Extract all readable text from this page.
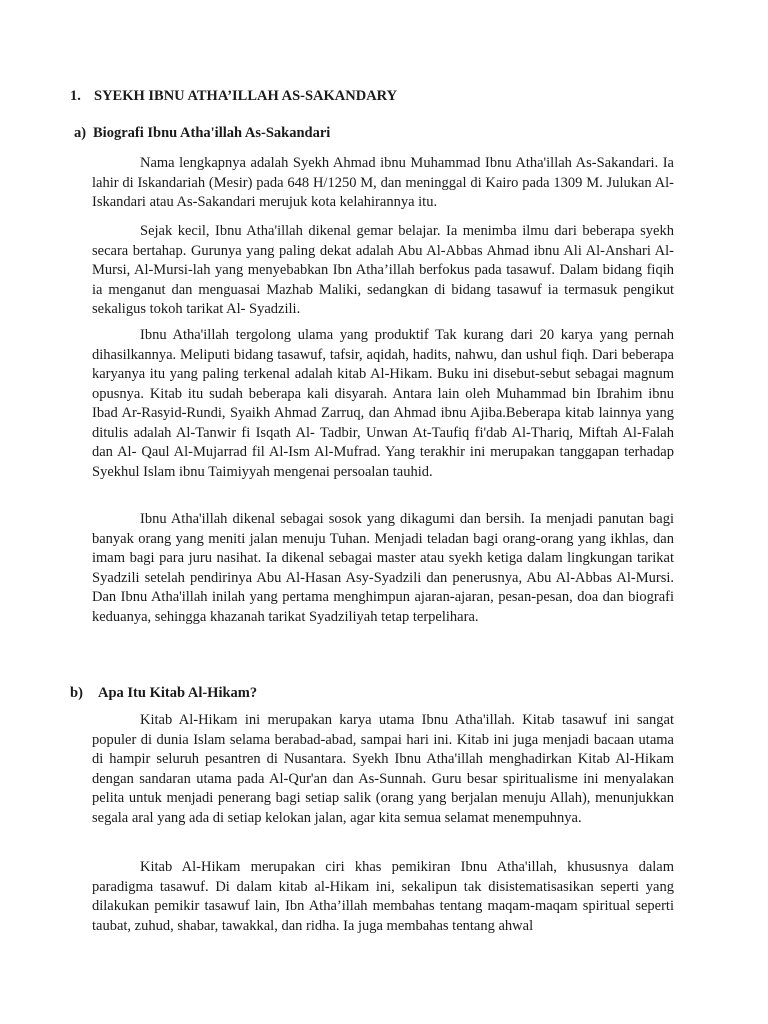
1. SYEKH IBNU ATHA’ILLAH AS-SAKANDARY
a) Biografi Ibnu Atha'illah As-Sakandari

Nama lengkapnya adalah Syekh Ahmad ibnu Muhammad Ibnu Atha'illah As-Sakandari. Ia lahir di Iskandariah (Mesir) pada 648 H/1250 M, dan meninggal di Kairo pada 1309 M. Julukan Al- Iskandari atau As-Sakandari merujuk kota kelahirannya itu.

Sejak kecil, Ibnu Atha'illah dikenal gemar belajar. Ia menimba ilmu dari beberapa syekh secara bertahap. Gurunya yang paling dekat adalah Abu Al-Abbas Ahmad ibnu Ali Al-Anshari Al-Mursi, Al-Mursi-lah yang menyebabkan Ibn Atha’illah berfokus pada tasawuf. Dalam bidang fiqih ia menganut dan menguasai Mazhab Maliki, sedangkan di bidang tasawuf ia termasuk pengikut sekaligus tokoh tarikat Al- Syadzili.

Ibnu Atha'illah tergolong ulama yang produktif Tak kurang dari 20 karya yang pernah dihasilkannya. Meliputi bidang tasawuf, tafsir, aqidah, hadits, nahwu, dan ushul fiqh. Dari beberapa karyanya itu yang paling terkenal adalah kitab Al-Hikam. Buku ini disebut-sebut sebagai magnum opusnya. Kitab itu sudah beberapa kali disyarah. Antara lain oleh Muhammad bin Ibrahim ibnu Ibad Ar-Rasyid-Rundi, Syaikh Ahmad Zarruq, dan Ahmad ibnu Ajiba.Beberapa kitab lainnya yang ditulis adalah Al-Tanwir fi Isqath Al- Tadbir, Unwan At-Taufiq fi'dab Al-Thariq, Miftah Al-Falah dan Al- Qaul Al-Mujarrad fil Al-Ism Al-Mufrad. Yang terakhir ini merupakan tanggapan terhadap Syekhul Islam ibnu Taimiyyah mengenai persoalan tauhid.

Ibnu Atha'illah dikenal sebagai sosok yang dikagumi dan bersih. Ia menjadi panutan bagi banyak orang yang meniti jalan menuju Tuhan. Menjadi teladan bagi orang-orang yang ikhlas, dan imam bagi para juru nasihat. Ia dikenal sebagai master atau syekh ketiga dalam lingkungan tarikat Syadzili setelah pendirinya Abu Al-Hasan Asy-Syadzili dan penerusnya, Abu Al-Abbas Al-Mursi. Dan Ibnu Atha'illah inilah yang pertama menghimpun ajaran-ajaran, pesan-pesan, doa dan biografi keduanya, sehingga khazanah tarikat Syadziliyah tetap terpelihara.

b) Apa Itu Kitab Al-Hikam?

Kitab Al-Hikam ini merupakan karya utama Ibnu Atha'illah. Kitab tasawuf ini sangat populer di dunia Islam selama berabad-abad, sampai hari ini. Kitab ini juga menjadi bacaan utama di hampir seluruh pesantren di Nusantara. Syekh Ibnu Atha'illah menghadirkan Kitab Al-Hikam dengan sandaran utama pada Al-Qur'an dan As-Sunnah. Guru besar spiritualisme ini menyalakan pelita untuk menjadi penerang bagi setiap salik (orang yang berjalan menuju Allah), menunjukkan segala aral yang ada di setiap kelokan jalan, agar kita semua selamat menempuhnya.

Kitab Al-Hikam merupakan ciri khas pemikiran Ibnu Atha'illah, khususnya dalam paradigma tasawuf. Di dalam kitab al-Hikam ini, sekalipun tak disistematisasikan seperti yang dilakukan pemikir tasawuf lain, Ibn Atha’illah membahas tentang maqam-maqam spiritual seperti taubat, zuhud, shabar, tawakkal, dan ridha. Ia juga membahas tentang ahwal
